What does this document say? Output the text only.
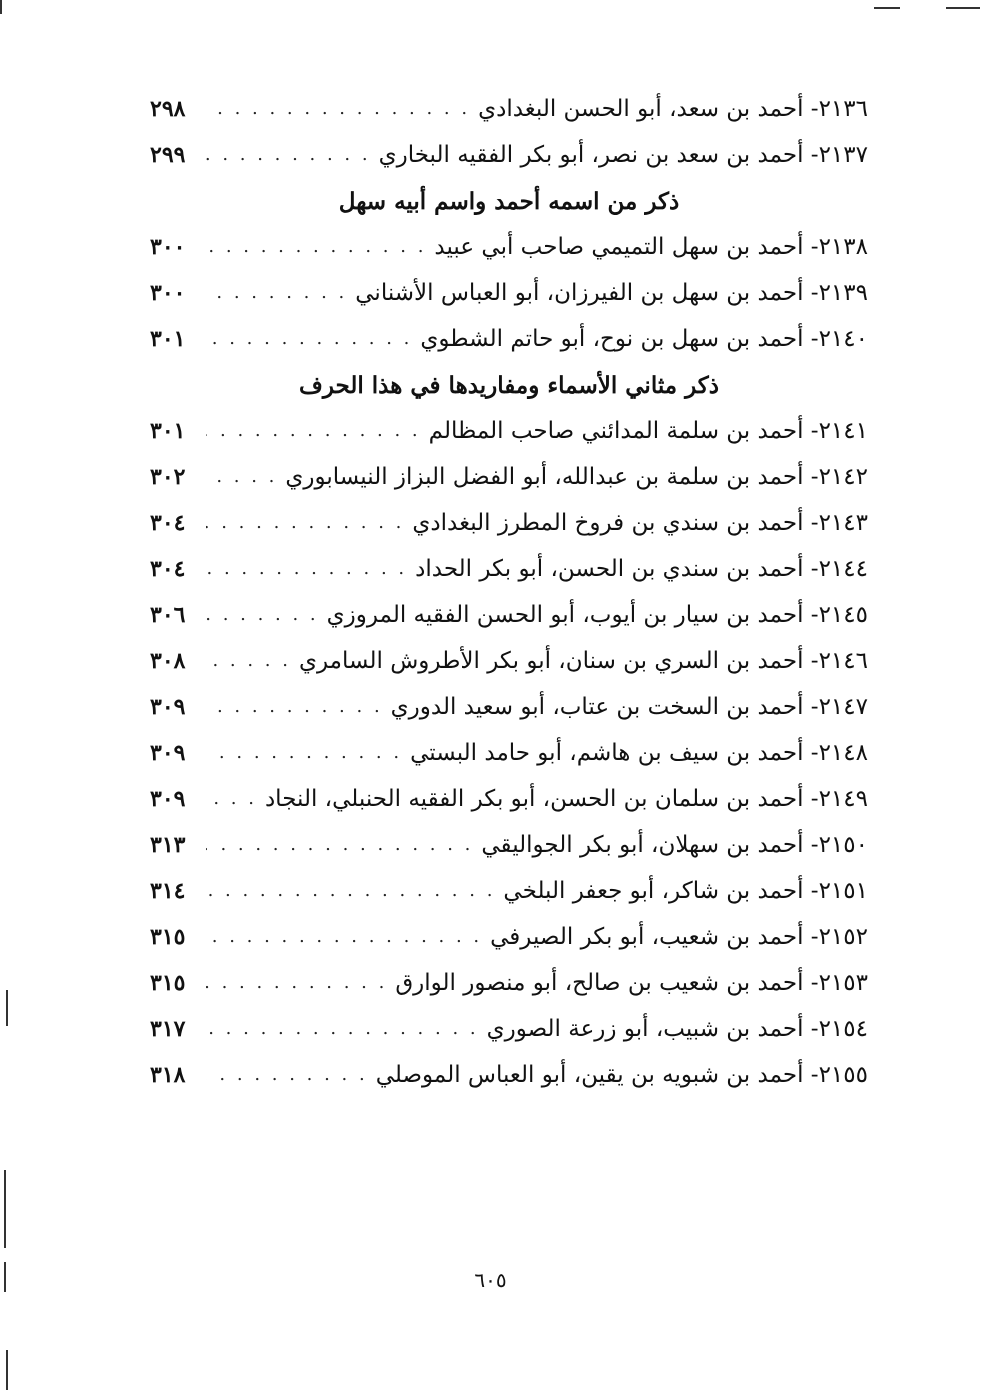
٢١٣٦- أحمد بن سعد، أبو الحسن البغدادي
. . .
٢٩٨
٢١٣٧- أحمد بن سعد بن نصر، أبو بكر الفقيه البخاري
. . .
٢٩٩
ذكر من اسمه أحمد واسم أبيه سهل
٢١٣٨- أحمد بن سهل التميمي صاحب أبي عبيد
. . .
٣٠٠
٢١٣٩- أحمد بن سهل بن الفيرزان، أبو العباس الأشناني
. . .
٣٠٠
٢١٤٠- أحمد بن سهل بن نوح، أبو حاتم الشطوي
. . .
٣٠١
ذكر مثاني الأسماء ومفاريدها في هذا الحرف
٢١٤١- أحمد بن سلمة المدائني صاحب المظالم
. . .
٣٠١
٢١٤٢- أحمد بن سلمة بن عبدالله، أبو الفضل البزاز النيسابوري
. . .
٣٠٢
٢١٤٣- أحمد بن سندي بن فروخ المطرز البغدادي
. . .
٣٠٤
٢١٤٤- أحمد بن سندي بن الحسن، أبو بكر الحداد
. . .
٣٠٤
٢١٤٥- أحمد بن سيار بن أيوب، أبو الحسن الفقيه المروزي
. . .
٣٠٦
٢١٤٦- أحمد بن السري بن سنان، أبو بكر الأطروش السامري
. . .
٣٠٨
٢١٤٧- أحمد بن السخت بن عتاب، أبو سعيد الدوري
. . .
٣٠٩
٢١٤٨- أحمد بن سيف بن هاشم، أبو حامد البستي
. . .
٣٠٩
٢١٤٩- أحمد بن سلمان بن الحسن، أبو بكر الفقيه الحنبلي، النجاد
. . .
٣٠٩
٢١٥٠- أحمد بن سهلان، أبو بكر الجواليقي
. . .
٣١٣
٢١٥١- أحمد بن شاكر، أبو جعفر البلخي
. . .
٣١٤
٢١٥٢- أحمد بن شعيب، أبو بكر الصيرفي
. . .
٣١٥
٢١٥٣- أحمد بن شعيب بن صالح، أبو منصور الوارق
. . .
٣١٥
٢١٥٤- أحمد بن شبيب، أبو زرعة الصوري
. . .
٣١٧
٢١٥٥- أحمد بن شبويه بن يقين، أبو العباس الموصلي
. . .
٣١٨
٦٠٥
